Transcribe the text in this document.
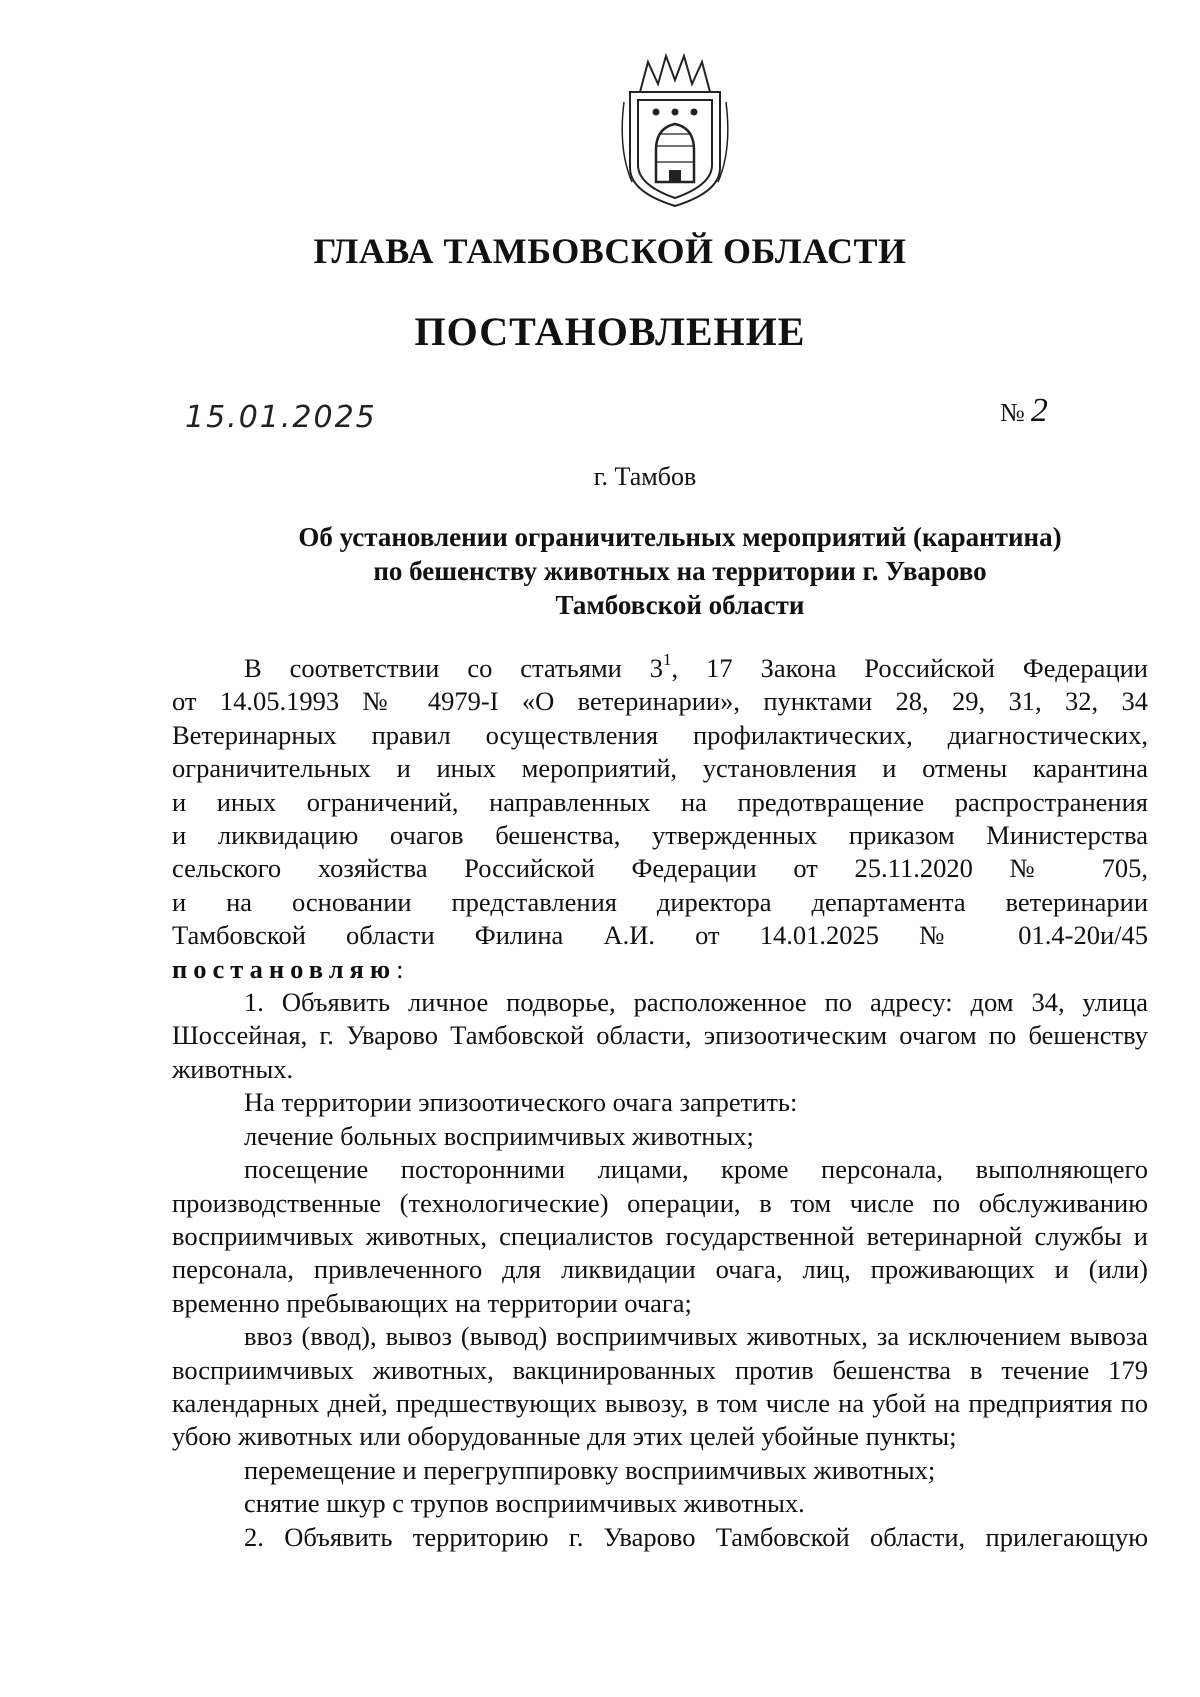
ГЛАВА ТАМБОВСКОЙ ОБЛАСТИ
ПОСТАНОВЛЕНИЕ
15.01.2025	№ 2
г. Тамбов
Об установлении ограничительных мероприятий (карантина)
по бешенству животных на территории г. Уварово
Тамбовской области

В соответствии со статьями $3^1$, 17 Закона Российской Федерации

от 14.05.1993 № 4979-I «О ветеринарии», пунктами 28, 29, 31, 32, 34

Ветеринарных правил осуществления профилактических, диагностических,

ограничительных и иных мероприятий, установления и отмены карантина

и иных ограничений, направленных на предотвращение распространения

и ликвидацию очагов бешенства, утвержденных приказом Министерства

сельского хозяйства Российской Федерации от 25.11.2020 № 705,

и на основании представления директора департамента ветеринарии

Тамбовской области Филина А.И. от 14.01.2025 № 01.4-20и/45

постановляю:

1. Объявить личное подворье, расположенное по адресу: дом 34, улица Шоссейная, г. Уварово Тамбовской области, эпизоотическим очагом по бешенству животных.

На территории эпизоотического очага запретить:

лечение больных восприимчивых животных;

посещение посторонними лицами, кроме персонала, выполняющего производственные (технологические) операции, в том числе по обслуживанию восприимчивых животных, специалистов государственной ветеринарной службы и персонала, привлеченного для ликвидации очага, лиц, проживающих и (или) временно пребывающих на территории очага;

ввоз (ввод), вывоз (вывод) восприимчивых животных, за исключением вывоза восприимчивых животных, вакцинированных против бешенства в течение 179 календарных дней, предшествующих вывозу, в том числе на убой на предприятия по убою животных или оборудованные для этих целей убойные пункты;

перемещение и перегруппировку восприимчивых животных;

снятие шкур с трупов восприимчивых животных.

2. Объявить территорию г. Уварово Тамбовской области, прилегающую
